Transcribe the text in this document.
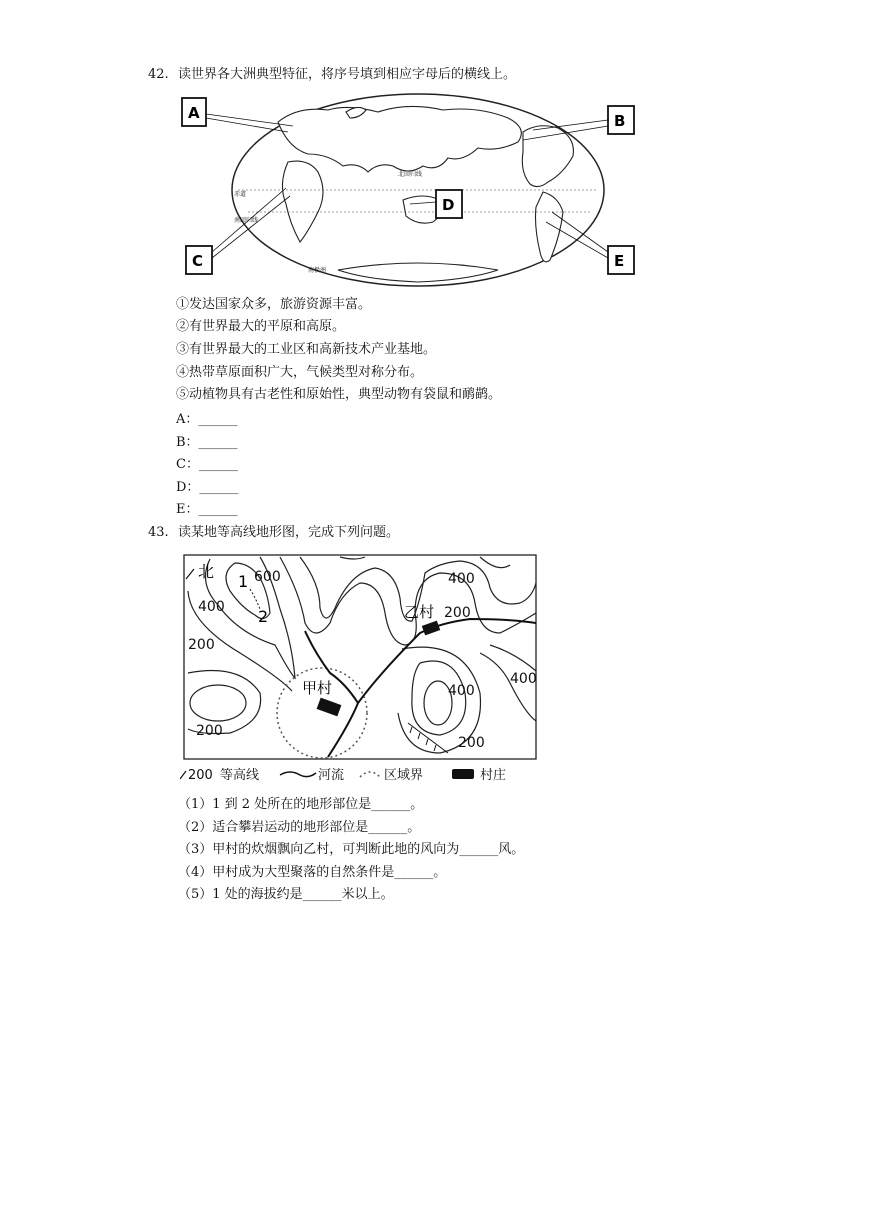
42. 读世界各大洲典型特征，将序号填到相应字母后的横线上。
北回归线
赤道
南回归线
南极洲
A	B
C
D
E
①发达国家众多，旅游资源丰富。
②有世界最大的平原和高原。
③有世界最大的工业区和高新技术产业基地。
④热带草原面积广大，气候类型对称分布。
⑤动植物具有古老性和原始性，典型动物有袋鼠和鸸鹋。
A：______
B：______
C：______
D：______
E：______
43. 读某地等高线地形图，完成下列问题。
北
1
2
600
400
200
400
200
400
400
200
200
甲村
乙村
200 等高线	河流	区域界	村庄
（1）1 到 2 处所在的地形部位是______。
（2）适合攀岩运动的地形部位是______。
（3）甲村的炊烟飘向乙村，可判断此地的风向为______风。
（4）甲村成为大型聚落的自然条件是______。
（5）1 处的海拔约是______米以上。
